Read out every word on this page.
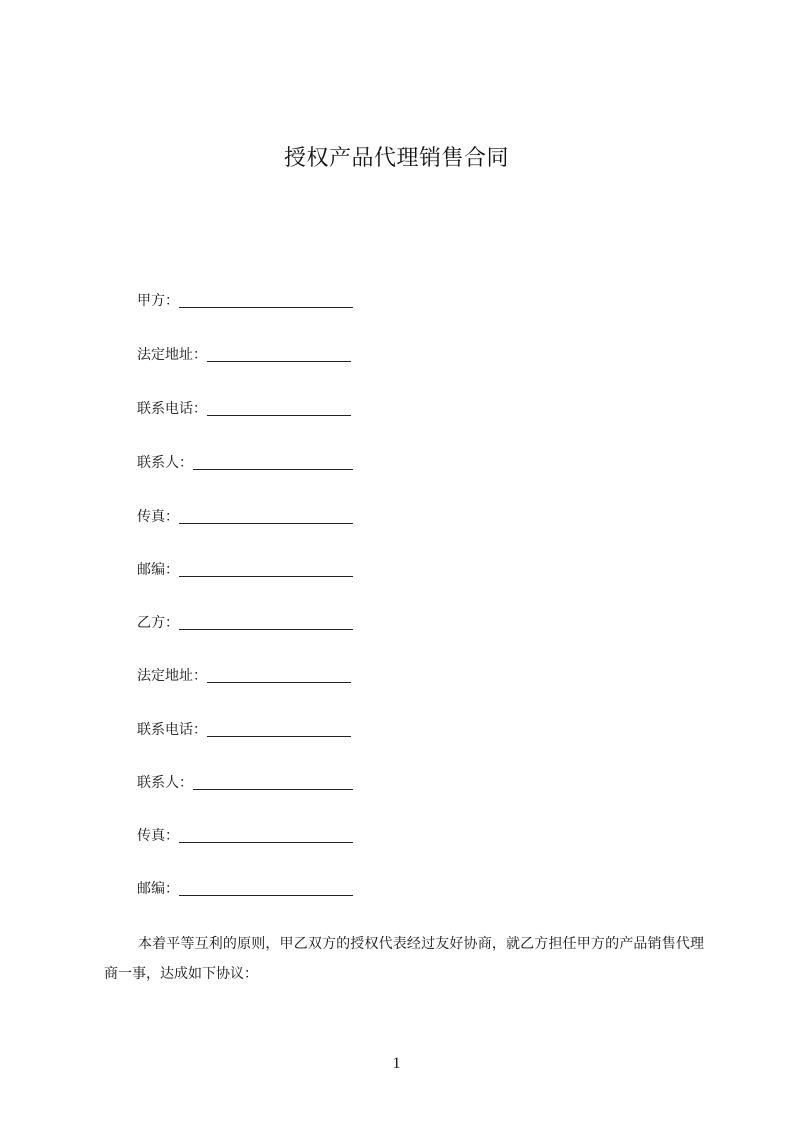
授权产品代理销售合同
甲方：
法定地址：
联系电话：
联系人：
传真：
邮编：
乙方：
法定地址：
联系电话：
联系人：
传真：
邮编：

本着平等互利的原则，甲乙双方的授权代表经过友好协商，就乙方担任甲方的产品销售代理商一事，达成如下协议：

1
